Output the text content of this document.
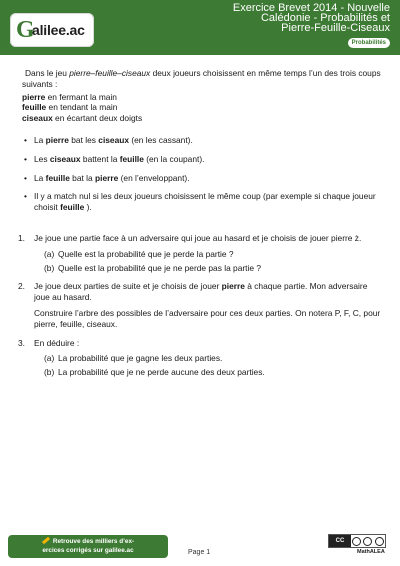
G
alilee.ac
Exercice Brevet 2014 - Nouvelle
Calédonie - Probabilités et
Pierre-Feuille-Ciseaux
Probabilités

Dans le jeu pierre–feuille–ciseaux deux joueurs choisissent en même temps l’un des trois coups suivants :

pierre en fermant la main

feuille en tendant la main

ciseaux en écartant deux doigts

• La pierre bat les ciseaux (en les cassant).
• Les ciseaux battent la feuille (en la coupant).
• La feuille bat la pierre (en l’enveloppant).
• Il y a match nul si les deux joueurs choisissent le même coup (par exemple si chaque joueur choisit feuille ).
1. Je joue une partie face à un adversaire qui joue au hasard et je choisis de jouer pierre ż.
(a) Quelle est la probabilité que je perde la partie ?
(b) Quelle est la probabilité que je ne perde pas la partie ?
2. Je joue deux parties de suite et je choisis de jouer pierre à chaque partie. Mon adversaire joue au hasard.

Construire l’arbre des possibles de l’adversaire pour ces deux parties. On notera P, F, C, pour pierre, feuille, ciseaux.

3. En déduire :
(a) La probabilité que je gagne les deux parties.
(b) La probabilité que je ne perde aucune des deux parties.
Retrouve des milliers d’ex-
ercices corrigés sur galilee.ac	Page 1
CC
MathALEA
